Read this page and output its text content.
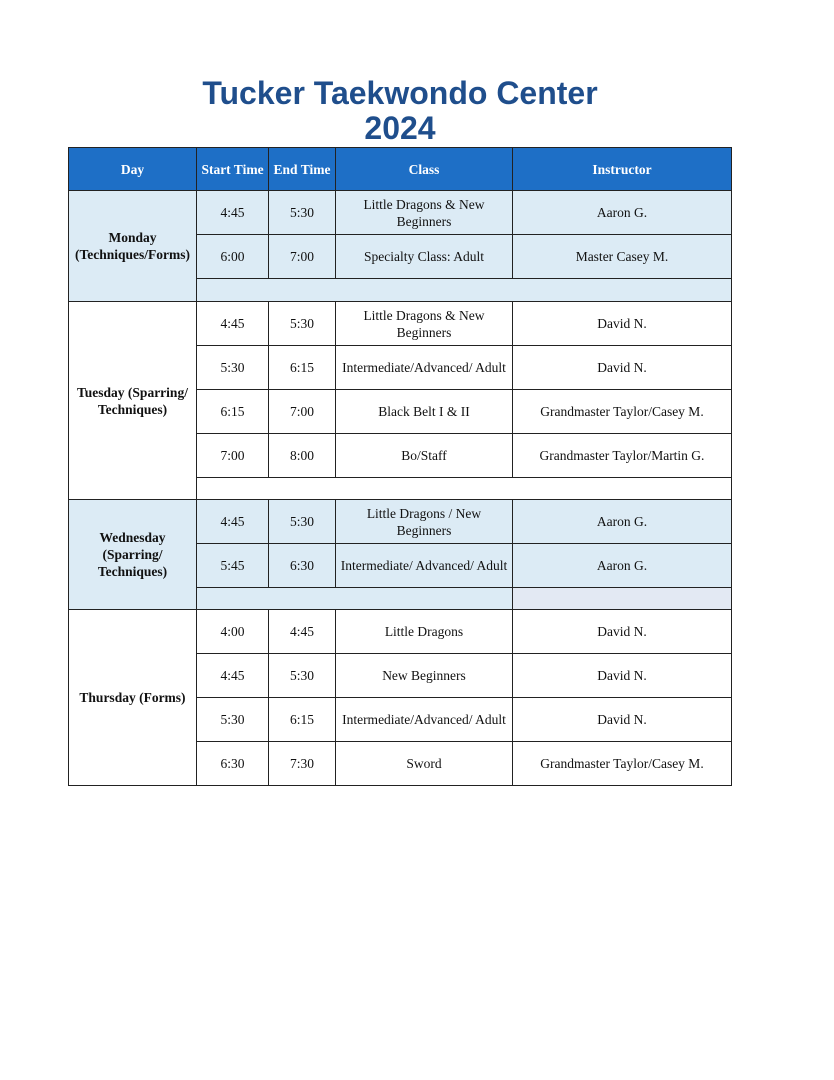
Tucker Taekwondo Center
2024
Day	Start Time	End Time	Class	Instructor
Monday (Techniques/Forms)	4:45	5:30	Little Dragons & New Beginners	Aaron G.
	6:00	7:00	Specialty Class: Adult	Master Casey M.

Tuesday (Sparring/ Techniques)	4:45	5:30	Little Dragons & New Beginners	David N.
	5:30	6:15	Intermediate/Advanced/ Adult	David N.
	6:15	7:00	Black Belt I & II	Grandmaster Taylor/Casey M.
	7:00	8:00	Bo/Staff	Grandmaster Taylor/Martin G.

Wednesday (Sparring/ Techniques)	4:45	5:30	Little Dragons / New Beginners	Aaron G.
	5:45	6:30	Intermediate/ Advanced/ Adult	Aaron G.

Thursday (Forms)	4:00	4:45	Little Dragons	David N.
	4:45	5:30	New Beginners	David N.
	5:30	6:15	Intermediate/Advanced/ Adult	David N.
	6:30	7:30	Sword	Grandmaster Taylor/Casey M.
